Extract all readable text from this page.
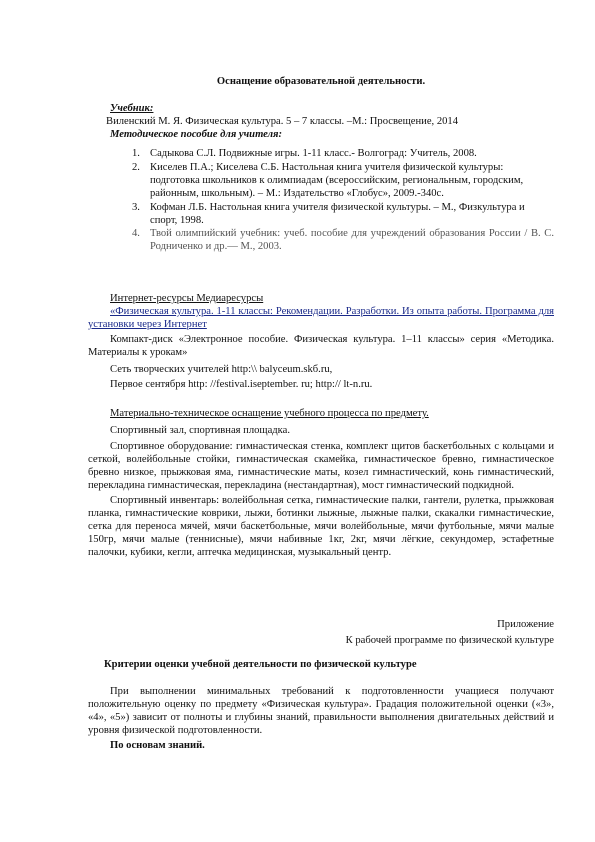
Оснащение образовательной деятельности.

Учебник:

Виленский М. Я. Физическая культура. 5 – 7 классы. –М.: Просвещение, 2014

Методическое пособие для учителя:

1. Садыкова С.Л. Подвижные игры. 1-11 класс.- Волгоград: Учитель, 2008.
2. Киселев П.А.; Киселева С.Б. Настольная книга учителя физической культуры: подготовка школьников к олимпиадам (всероссийским, региональным, городским, районным, школьным). – М.: Издательство «Глобус», 2009.-340с.
3. Кофман Л.Б. Настольная книга учителя физической культуры. – М., Физкультура и спорт, 1998.
4. Твой олимпийский учебник: учеб. пособие для учреждений образования России / В. С. Родниченко и др.— М., 2003.

Интернет-ресурсы Медиаресурсы

«Физическая культура. 1-11 классы: Рекомендации. Разработки. Из опыта работы. Программа для установки через Интернет

Компакт-диск «Электронное пособие. Физическая культура. 1–11 классы» серия «Методика. Материалы к урокам»

Сеть творческих учителей http:\\ balyceum.skб.ru,

Первое сентября http: //festival.iseptember. ru; http:// lt-n.ru.

Материально-техническое оснащение учебного процесса по предмету.

Спортивный зал, спортивная площадка.

Спортивное оборудование: гимнастическая стенка, комплект щитов баскетбольных с кольцами и сеткой, волейбольные стойки, гимнастическая скамейка, гимнастическое бревно, гимнастическое бревно низкое, прыжковая яма, гимнастические маты, козел гимнастический, конь гимнастический, перекладина гимнастическая, перекладина (нестандартная), мост гимнастический подкидной.

Спортивный инвентарь: волейбольная сетка, гимнастические палки, гантели, рулетка, прыжковая планка, гимнастические коврики, лыжи, ботинки лыжные, лыжные палки, скакалки гимнастические, сетка для переноса мячей, мячи баскетбольные, мячи волейбольные, мячи футбольные, мячи малые 150гр, мячи малые (теннисные), мячи набивные 1кг, 2кг, мячи лёгкие, секундомер, эстафетные палочки, кубики, кегли, аптечка медицинская, музыкальный центр.

Приложение

К рабочей программе по физической культуре

Критерии оценки учебной деятельности по физической культуре

При выполнении минимальных требований к подготовленности учащиеся получают положительную оценку по предмету «Физическая культура». Градация положительной оценки («3», «4», «5») зависит от полноты и глубины знаний, правильности выполнения двигательных действий и уровня физической подготовленности.

По основам знаний.
